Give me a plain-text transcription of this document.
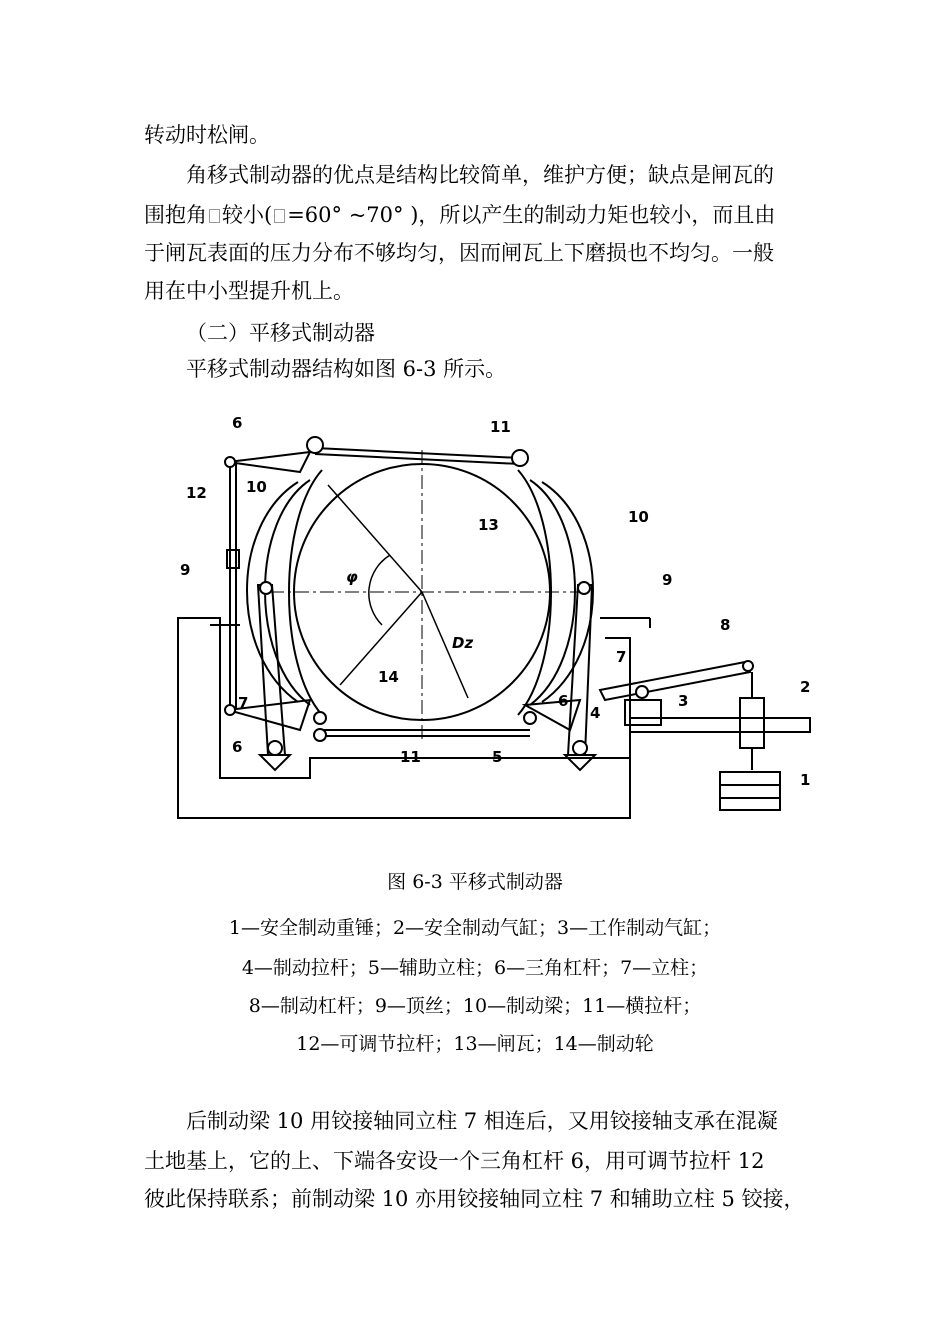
转动时松闸。
角移式制动器的优点是结构比较简单，维护方便；缺点是闸瓦的
围抱角 较小( =60° ~70° )，所以产生的制动力矩也较小，而且由
于闸瓦表面的压力分布不够均匀，因而闸瓦上下磨损也不均匀。一般
用在中小型提升机上。
（二）平移式制动器
平移式制动器结构如图 6-3 所示。
6	11
12	10
13	10
9
9
φ
Dz
8
7
7
14
2
3
6
4
6
11	5
1
图 6-3 平移式制动器
1—安全制动重锤；2—安全制动气缸；3—工作制动气缸；
4—制动拉杆；5—辅助立柱；6—三角杠杆；7—立柱；
8—制动杠杆；9—顶丝；10—制动梁；11—横拉杆；
12—可调节拉杆；13—闸瓦；14—制动轮
后制动梁 10 用铰接轴同立柱 7 相连后，又用铰接轴支承在混凝
土地基上，它的上、下端各安设一个三角杠杆 6，用可调节拉杆 12
彼此保持联系；前制动梁 10 亦用铰接轴同立柱 7 和辅助立柱 5 铰接，
